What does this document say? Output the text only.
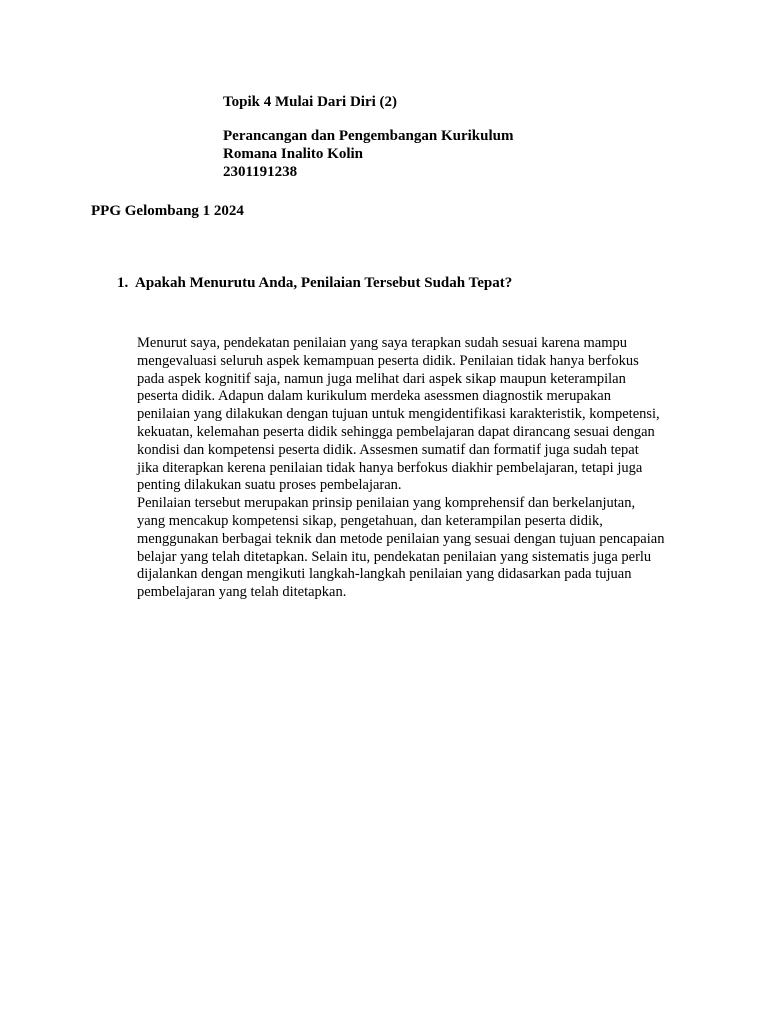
Topik 4 Mulai Dari Diri (2)
Perancangan dan Pengembangan Kurikulum
Romana Inalito Kolin
2301191238
PPG Gelombang 1 2024
1. Apakah Menurutu Anda, Penilaian Tersebut Sudah Tepat?
Menurut saya, pendekatan penilaian yang saya terapkan sudah sesuai karena mampu
mengevaluasi seluruh aspek kemampuan peserta didik. Penilaian tidak hanya berfokus
pada aspek kognitif saja, namun juga melihat dari aspek sikap maupun keterampilan
peserta didik. Adapun dalam kurikulum merdeka asessmen diagnostik merupakan
penilaian yang dilakukan dengan tujuan untuk mengidentifikasi karakteristik, kompetensi,
kekuatan, kelemahan peserta didik sehingga pembelajaran dapat dirancang sesuai dengan
kondisi dan kompetensi peserta didik. Assesmen sumatif dan formatif juga sudah tepat
jika diterapkan kerena penilaian tidak hanya berfokus diakhir pembelajaran, tetapi juga
penting dilakukan suatu proses pembelajaran.
Penilaian tersebut merupakan prinsip penilaian yang komprehensif dan berkelanjutan,
yang mencakup kompetensi sikap, pengetahuan, dan keterampilan peserta didik,
menggunakan berbagai teknik dan metode penilaian yang sesuai dengan tujuan pencapaian
belajar yang telah ditetapkan. Selain itu, pendekatan penilaian yang sistematis juga perlu
dijalankan dengan mengikuti langkah-langkah penilaian yang didasarkan pada tujuan
pembelajaran yang telah ditetapkan.
